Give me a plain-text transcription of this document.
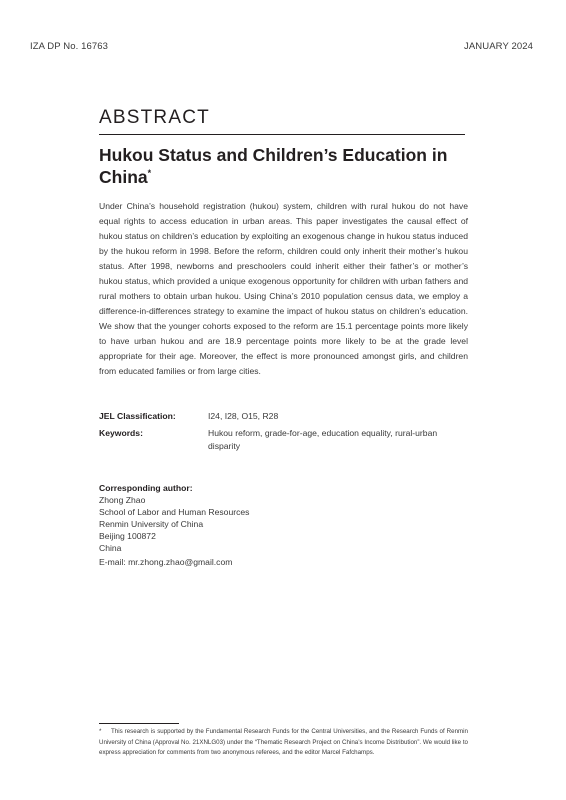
IZA DP No. 16763	JANUARY 2024
ABSTRACT
Hukou Status and Children’s Education in China*

Under China’s household registration (hukou) system, children with rural hukou do not have equal rights to access education in urban areas. This paper investigates the causal effect of hukou status on children’s education by exploiting an exogenous change in hukou status induced by the hukou reform in 1998. Before the reform, children could only inherit their mother’s hukou status. After 1998, newborns and preschoolers could inherit either their father’s or mother’s hukou status, which provided a unique exogenous opportunity for children with urban fathers and rural mothers to obtain urban hukou. Using China’s 2010 population census data, we employ a difference-in-differences strategy to examine the impact of hukou status on children’s education. We show that the younger cohorts exposed to the reform are 15.1 percentage points more likely to have urban hukou and are 18.9 percentage points more likely to be at the grade level appropriate for their age. Moreover, the effect is more pronounced amongst girls, and children from educated families or from large cities.

JEL Classification:	I24, I28, O15, R28
Keywords:	Hukou reform, grade-for-age, education equality, rural-urban disparity
Corresponding author:
Zhong Zhao
School of Labor and Human Resources
Renmin University of China
Beijing 100872
China
E-mail: mr.zhong.zhao@gmail.com
* This research is supported by the Fundamental Research Funds for the Central Universities, and the Research Funds of Renmin University of China (Approval No. 21XNLG03) under the “Thematic Research Project on China’s Income Distribution”. We would like to express appreciation for comments from two anonymous referees, and the editor Marcel Fafchamps.
